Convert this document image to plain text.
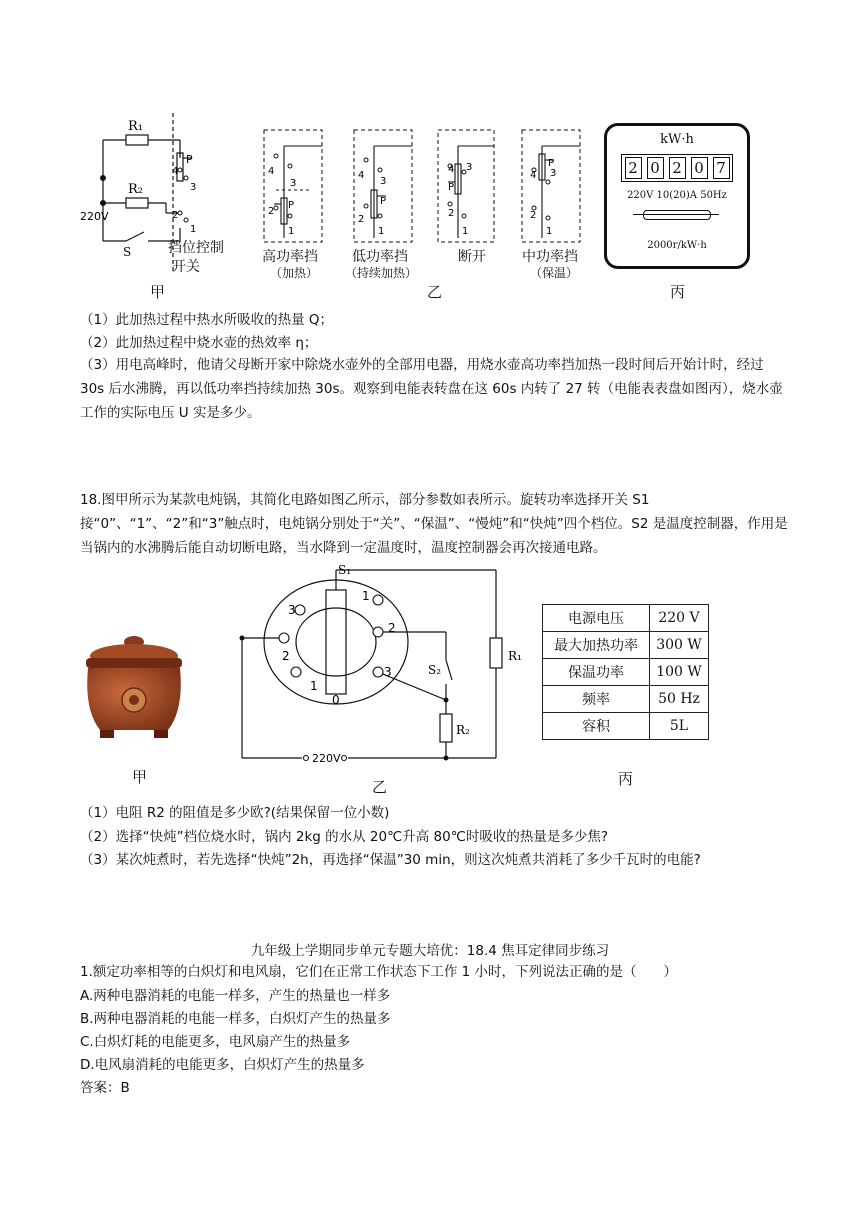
R₁
R₂
220V
S
P
4
3
2
1
挡位控制
开关
4
3
2
1
P
4
3
2
1
P
4 3
P
2
1
4 3
P
2
1
高功率挡
（加热）
低功率挡
（持续加热）
断开	中功率挡
（保温）
kW·h
2 0 2 0 7
220V 10(20)A 50Hz
2000r/kW·h
甲	乙	丙
（1）此加热过程中热水所吸收的热量 Q；
（2）此加热过程中烧水壶的热效率 η；
（3）用电高峰时，他请父母断开家中除烧水壶外的全部用电器，用烧水壶高功率挡加热一段时间后开始计时，经过 30s 后水沸腾，再以低功率挡持续加热 30s。观察到电能表转盘在这 60s 内转了 27 转（电能表表盘如图丙），烧水壶工作的实际电压 U 实是多少。
18.图甲所示为某款电炖锅，其简化电路如图乙所示，部分参数如表所示。旋转功率选择开关 S1 接“0”、“1”、“2”和“3”触点时，电炖锅分别处于“关”、“保温”、“慢炖”和“快炖”四个档位。S2 是温度控制器，作用是当锅内的水沸腾后能自动切断电路，当水降到一定温度时，温度控制器会再次接通电路。
S₁
S₂
R₁
R₂
220V
0
1
2
3
1
2
3
电源电压	220 V
最大加热功率	300 W
保温功率	100 W
频率	50 Hz
容积	5L
甲
乙	丙
（1）电阻 R2 的阻值是多少欧?(结果保留一位小数)
（2）选择“快炖”档位烧水时，锅内 2kg 的水从 20℃升高 80℃时吸收的热量是多少焦?
（3）某次炖煮时，若先选择“快炖”2h，再选择“保温”30 min，则这次炖煮共消耗了多少千瓦时的电能?
九年级上学期同步单元专题大培优：18.4 焦耳定律同步练习
1.额定功率相等的白炽灯和电风扇，它们在正常工作状态下工作 1 小时，下列说法正确的是（　　）
A.两种电器消耗的电能一样多，产生的热量也一样多
B.两种电器消耗的电能一样多，白炽灯产生的热量多
C.白炽灯耗的电能更多，电风扇产生的热量多
D.电风扇消耗的电能更多，白炽灯产生的热量多
答案：B
